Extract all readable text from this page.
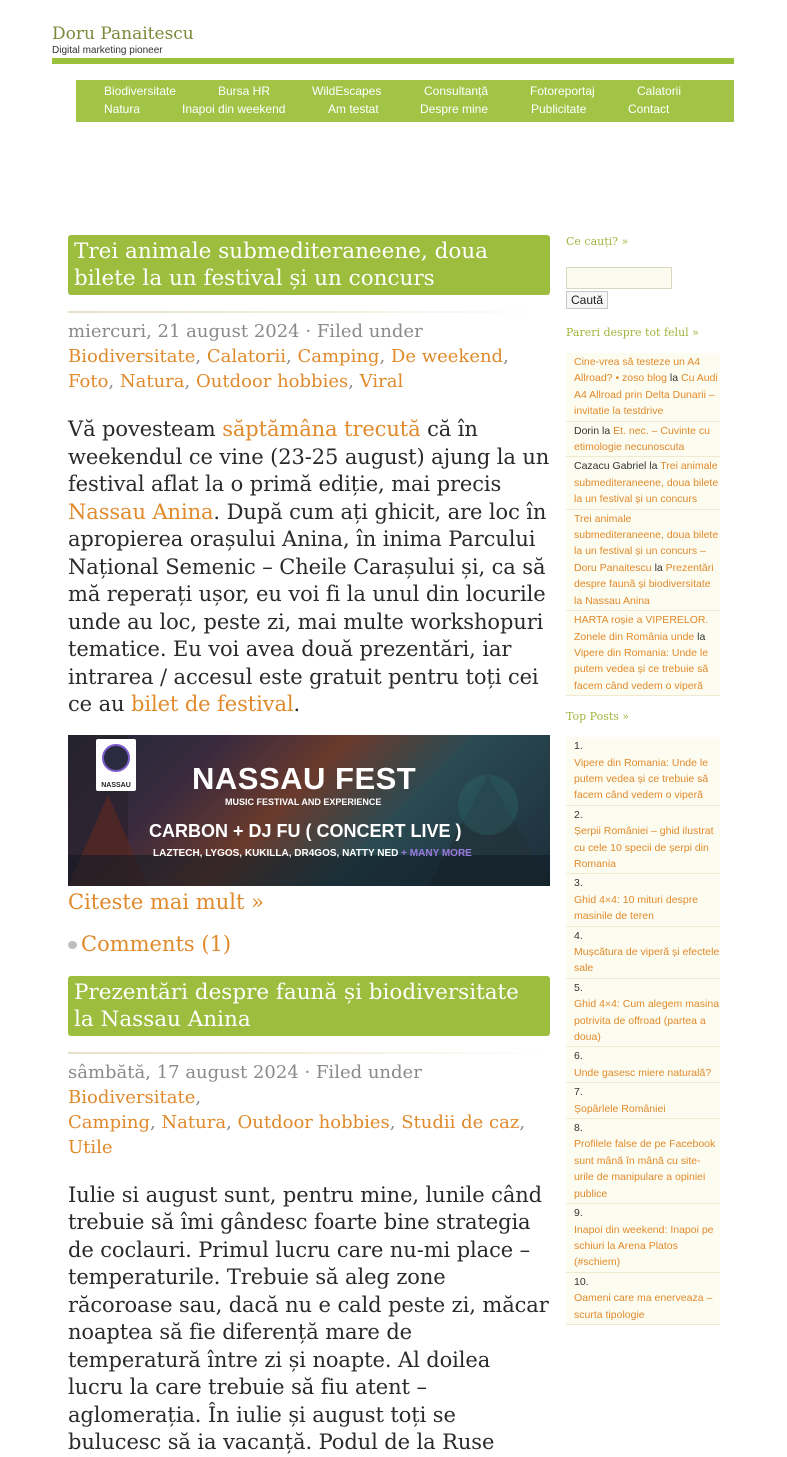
Doru Panaitescu
Digital marketing pioneer
Biodiversitate	Bursa HR	WildEscapes	Consultanță	Fotoreportaj	Calatorii
Natura	Inapoi din weekend	Am testat	Despre mine	Publicitate	Contact
Trei animale submediteraneene, doua
bilete la un festival și un concurs
miercuri, 21 august 2024 · Filed under
Biodiversitate, Calatorii, Camping, De weekend,
Foto, Natura, Outdoor hobbies, Viral
Vă povesteam săptămâna trecută că în weekendul ce vine (23-25 august) ajung la un festival aflat la o primă ediție, mai precis Nassau Anina. După cum ați ghicit, are loc în apropierea orașului Anina, în inima Parcului Național Semenic – Cheile Carașului și, ca să mă reperați ușor, eu voi fi la unul din locurile unde au loc, peste zi, mai multe workshopuri tematice. Eu voi avea două prezentări, iar intrarea / accesul este gratuit pentru toți cei ce au bilet de festival.
NASSAU NASSAU FEST
MUSIC FESTIVAL AND EXPERIENCE
CARBON + DJ FU ( CONCERT LIVE )
LAZTECH, LYGOS, KUKILLA, DR4GOS, NATTY NED + MANY MORE
Citeste mai mult »
Comments (1)
Prezentări despre faună și biodiversitate
la Nassau Anina
sâmbătă, 17 august 2024 · Filed under Biodiversitate,
Camping, Natura, Outdoor hobbies, Studii de caz,
Utile
Iulie si august sunt, pentru mine, lunile când trebuie să îmi gândesc foarte bine strategia de coclauri. Primul lucru care nu-mi place – temperaturile. Trebuie să aleg zone răcoroase sau, dacă nu e cald peste zi, măcar noaptea să fie diferență mare de temperatură între zi și noapte. Al doilea lucru la care trebuie să fiu atent – aglomerația. În iulie și august toți se bulucesc să ia vacanță. Podul de la Ruse
Ce cauți? »
Caută
Pareri despre tot felul »
Cine-vrea să testeze un A4 Allroad? • zoso blog la Cu Audi A4 Allroad prin Delta Dunarii – invitatie la testdrive
Dorin la Et. nec. – Cuvinte cu etimologie necunoscuta
Cazacu Gabriel la Trei animale submediteraneene, doua bilete la un festival și un concurs
Trei animale submediteraneene, doua bilete la un festival și un concurs – Doru Panaitescu la Prezentări despre faună și biodiversitate la Nassau Anina
HARTA roșie a VIPERELOR. Zonele din România unde la Vipere din Romania: Unde le putem vedea și ce trebuie să facem când vedem o viperă
Top Posts »
1.
Vipere din Romania: Unde le putem vedea și ce trebuie să facem când vedem o viperă
2.
Șerpii României – ghid ilustrat cu cele 10 specii de șerpi din Romania
3.
Ghid 4×4: 10 mituri despre masinile de teren
4.
Mușcătura de viperă și efectele sale
5.
Ghid 4×4: Cum alegem masina potrivita de offroad (partea a doua)
6.
Unde gasesc miere naturală?
7.
Șopârlele României
8.
Profilele false de pe Facebook sunt mână în mână cu site-urile de manipulare a opiniei publice
9.
Inapoi din weekend: Inapoi pe schiuri la Arena Platos (#schiem)
10.
Oameni care ma enerveaza – scurta tipologie
